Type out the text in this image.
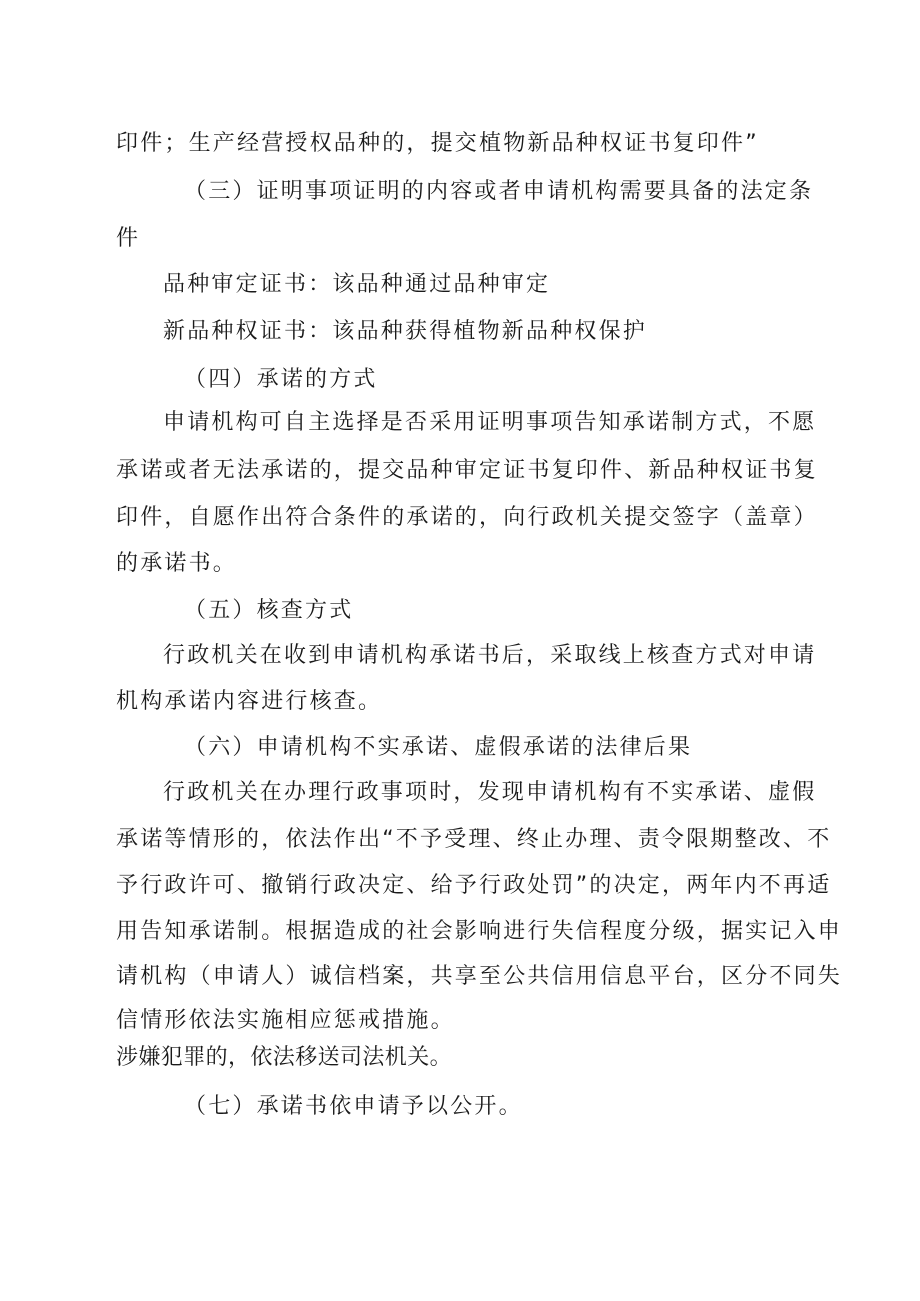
印件；生产经营授权品种的，提交植物新品种权证书复印件”

（三）证明事项证明的内容或者申请机构需要具备的法定条

件

品种审定证书：该品种通过品种审定

新品种权证书：该品种获得植物新品种权保护

（四）承诺的方式

申请机构可自主选择是否采用证明事项告知承诺制方式，不愿

承诺或者无法承诺的，提交品种审定证书复印件、新品种权证书复

印件，自愿作出符合条件的承诺的，向行政机关提交签字（盖章）

的承诺书。

（五）核查方式

行政机关在收到申请机构承诺书后，采取线上核查方式对申请

机构承诺内容进行核查。

（六）申请机构不实承诺、虚假承诺的法律后果

行政机关在办理行政事项时，发现申请机构有不实承诺、虚假

承诺等情形的，依法作出“不予受理、终止办理、责令限期整改、不

予行政许可、撤销行政决定、给予行政处罚”的决定，两年内不再适

用告知承诺制。根据造成的社会影响进行失信程度分级，据实记入申

请机构（申请人）诚信档案，共享至公共信用信息平台，区分不同失

信情形依法实施相应惩戒措施。

涉嫌犯罪的，依法移送司法机关。

（七）承诺书依申请予以公开。
